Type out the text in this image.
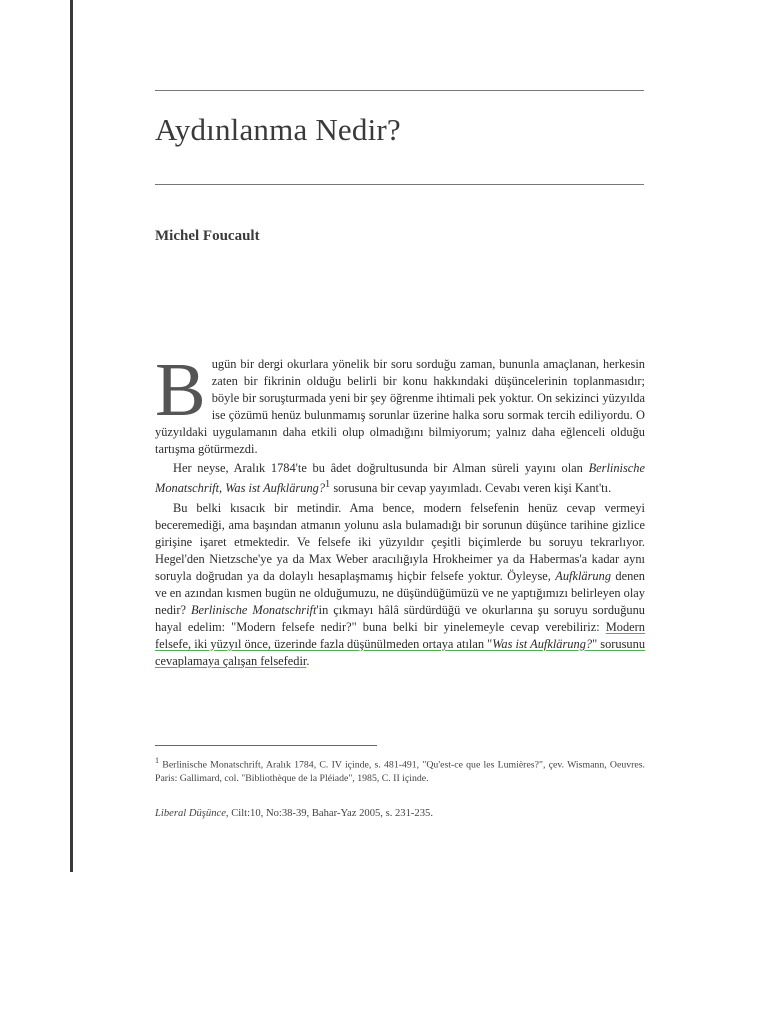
Aydınlanma Nedir?
Michel Foucault

Bugün bir dergi okurlara yönelik bir soru sorduğu zaman, bununla amaçlanan, herkesin zaten bir fikrinin olduğu belirli bir konu hakkındaki düşüncelerinin toplanmasıdır; böyle bir soruşturmada yeni bir şey öğrenme ihtimali pek yoktur. On sekizinci yüzyılda ise çözümü henüz bulunmamış sorunlar üzerine halka soru sormak tercih ediliyordu. O yüzyıldaki uygulamanın daha etkili olup olmadığını bilmiyorum; yalnız daha eğlenceli olduğu tartışma götürmezdi.

Her neyse, Aralık 1784'te bu âdet doğrultusunda bir Alman süreli yayını olan Berlinische Monatschrift, Was ist Aufklärung?$^1$ sorusuna bir cevap yayımladı. Cevabı veren kişi Kant'tı.

Bu belki kısacık bir metindir. Ama bence, modern felsefenin henüz cevap vermeyi beceremediği, ama başından atmanın yolunu asla bulamadığı bir sorunun düşünce tarihine gizlice girişine işaret etmektedir. Ve felsefe iki yüzyıldır çeşitli biçimlerde bu soruyu tekrarlıyor. Hegel'den Nietzsche'ye ya da Max Weber aracılığıyla Hrokheimer ya da Habermas'a kadar aynı soruyla doğrudan ya da dolaylı hesaplaşmamış hiçbir felsefe yoktur. Öyleyse, Aufklärung denen ve en azından kısmen bugün ne olduğumuzu, ne düşündüğümüzü ve ne yaptığımızı belirleyen olay nedir? Berlinische Monatschrift'in çıkmayı hâlâ sürdürdüğü ve okurlarına şu soruyu sorduğunu hayal edelim: "Modern felsefe nedir?" buna belki bir yinelemeyle cevap verebiliriz: Modern felsefe, iki yüzyıl önce, üzerinde fazla düşünülmeden ortaya atılan "Was ist Aufklärung?" sorusunu cevaplamaya çalışan felsefedir.

$^1$ Berlinische Monatschrift, Aralık 1784, C. IV içinde, s. 481-491, "Qu'est-ce que les Lumières?", çev. Wismann, Oeuvres. Paris: Gallimard, col. "Bibliothèque de la Pléiade", 1985, C. II içinde.

Liberal Düşünce, Cilt:10, No:38-39, Bahar-Yaz 2005, s. 231-235.
